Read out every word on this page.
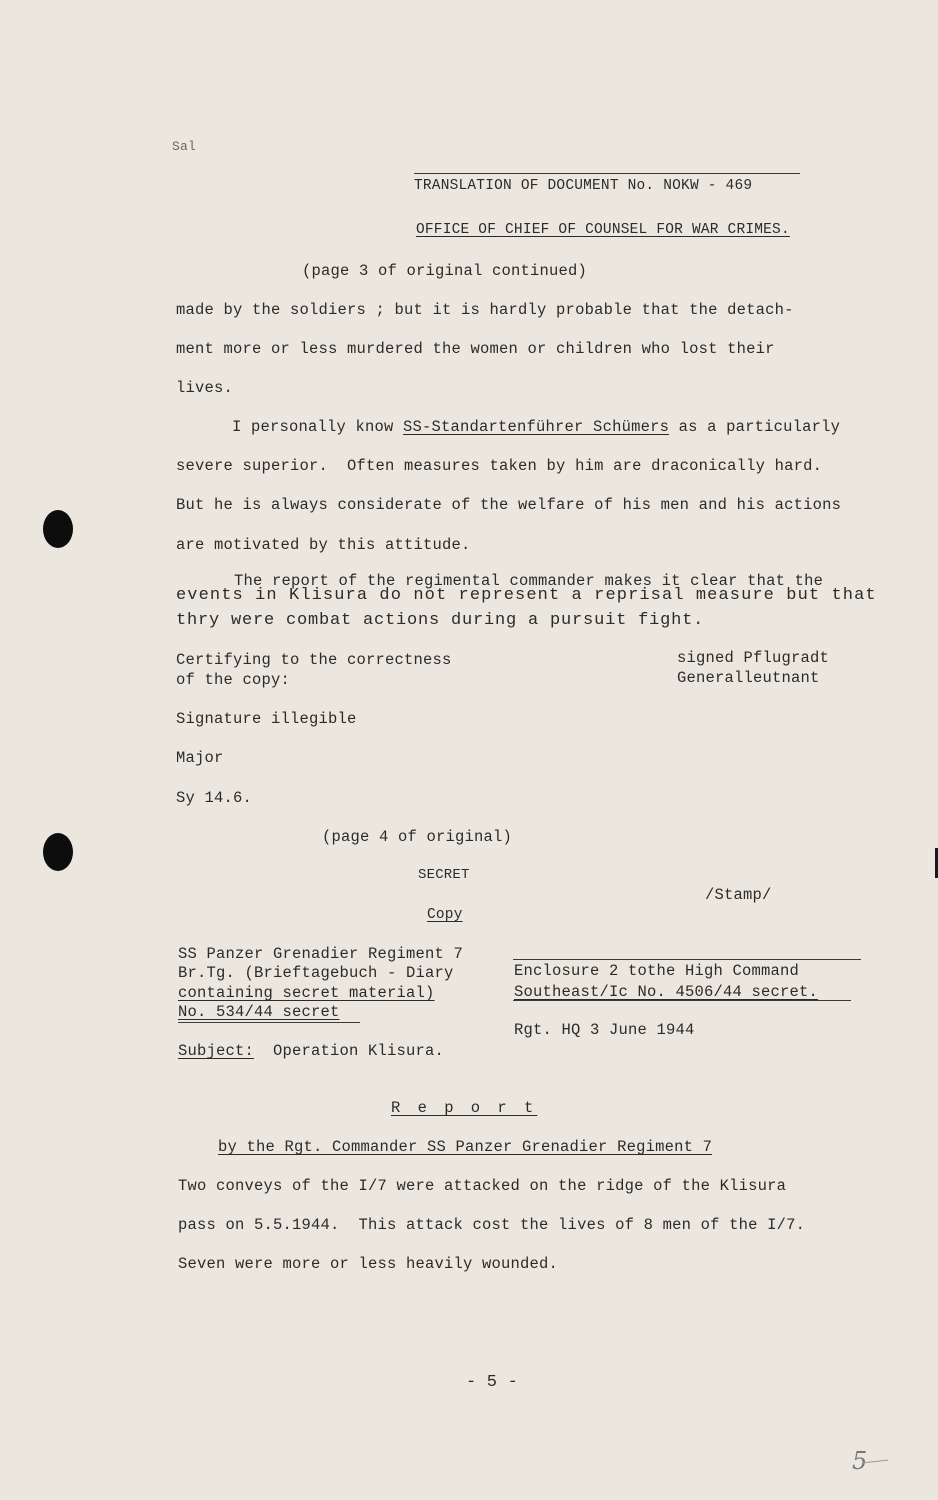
Sal
TRANSLATION OF DOCUMENT No. NOKW - 469
OFFICE OF CHIEF OF COUNSEL FOR WAR CRIMES.
(page 3 of original continued)
made by the soldiers ; but it is hardly probable that the detach-
ment more or less murdered the women or children who lost their
lives.
I personally know SS-Standartenführer Schümers as a particularly
severe superior.  Often measures taken by him are draconically hard.
But he is always considerate of the welfare of his men and his actions
are motivated by this attitude.
The report of the regimental commander makes it clear that the
events in Klisura do not represent a reprisal measure but that
thry were combat actions during a pursuit fight.
Certifying to the correctness
of the copy:
signed Pflugradt
Generalleutnant
Signature illegible
Major
Sy 14.6.
(page 4 of original)
SECRET
/Stamp/
Copy
SS Panzer Grenadier Regiment 7
Br.Tg. (Brieftagebuch - Diary
containing secret material)
No. 534/44 secret
Enclosure 2 tothe High Command
Southeast/Ic No. 4506/44 secret.
Rgt. HQ 3 June 1944
Subject: Operation Klisura.
R e p o r t
by the Rgt. Commander SS Panzer Grenadier Regiment 7
Two conveys of the I/7 were attacked on the ridge of the Klisura
pass on 5.5.1944.  This attack cost the lives of 8 men of the I/7.
Seven were more or less heavily wounded.
- 5 -
5
